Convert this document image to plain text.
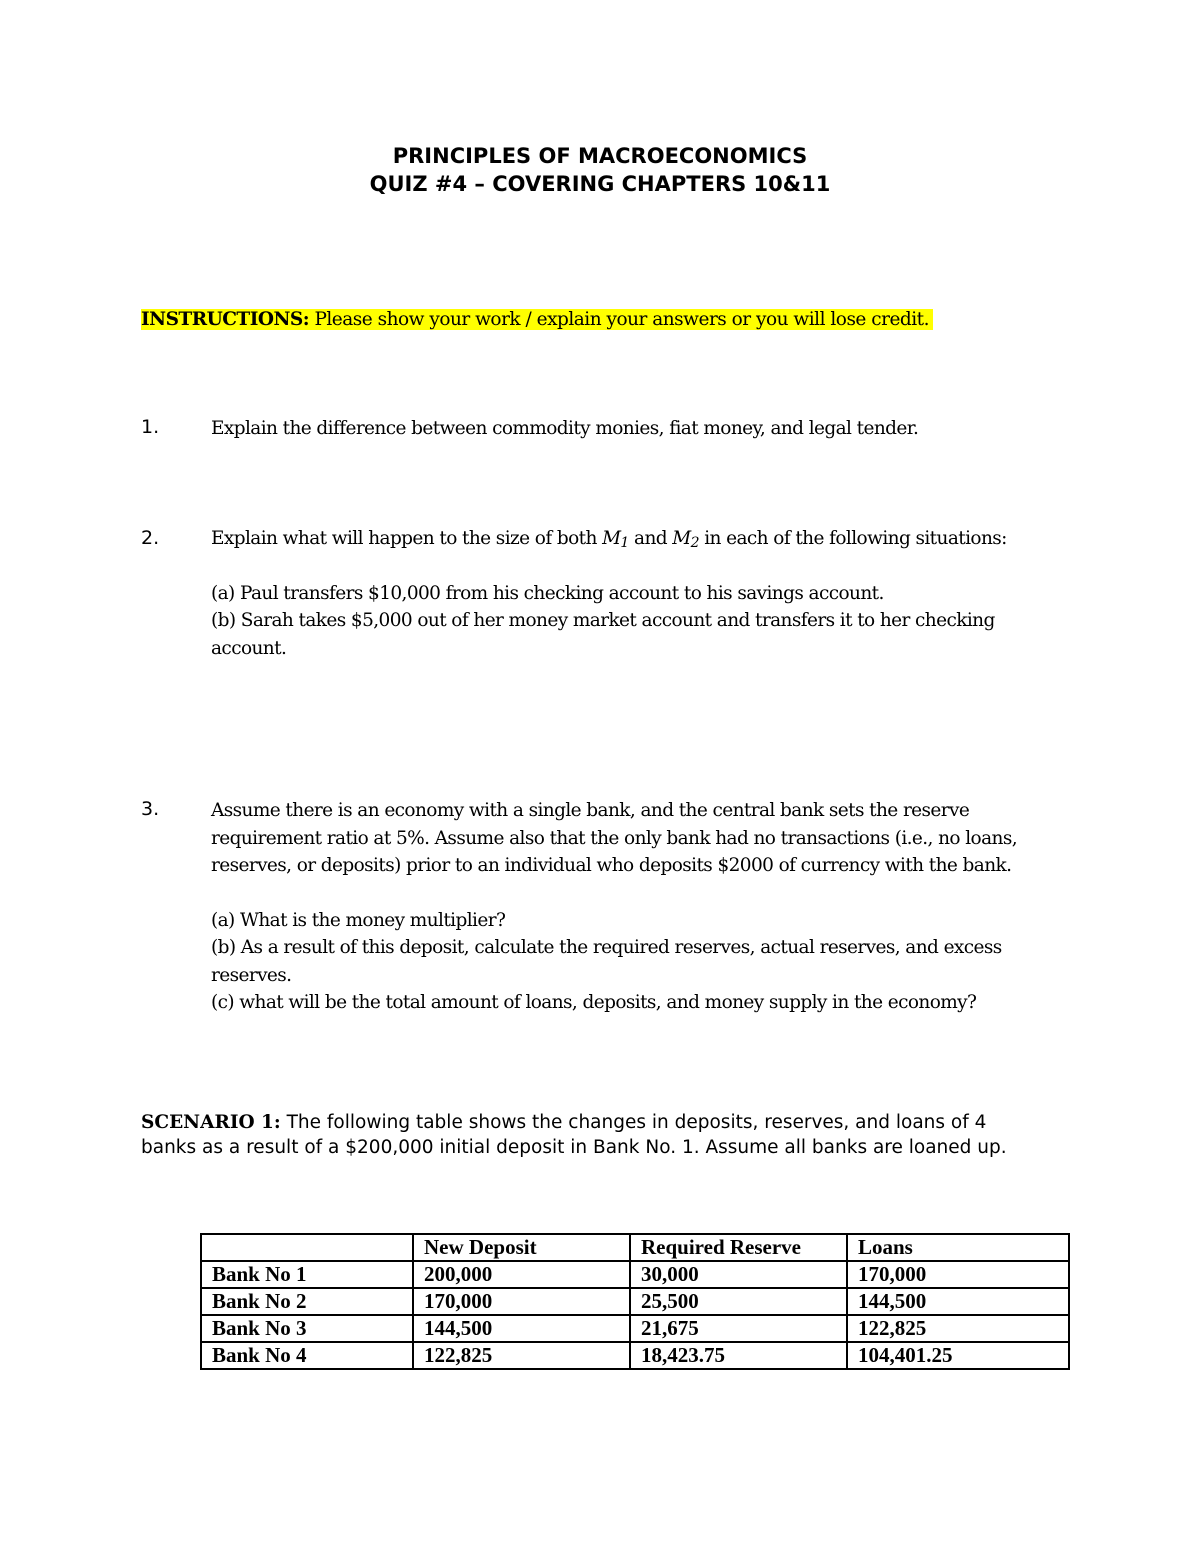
PRINCIPLES OF MACROECONOMICS
QUIZ #4 – COVERING CHAPTERS 10&11
INSTRUCTIONS: Please show your work / explain your answers or you will lose credit.
1.	Explain the difference between commodity monies, fiat money, and legal tender.

2.	Explain what will happen to the size of both $M_1$ and $M_2$ in each of the following situations:

(a) Paul transfers $10,000 from his checking account to his savings account.

(b) Sarah takes $5,000 out of her money market account and transfers it to her checking account.

3.	Assume there is an economy with a single bank, and the central bank sets the reserve requirement ratio at 5%. Assume also that the only bank had no transactions (i.e., no loans, reserves, or deposits) prior to an individual who deposits $2000 of currency with the bank.

(a) What is the money multiplier?

(b) As a result of this deposit, calculate the required reserves, actual reserves, and excess reserves.

(c) what will be the total amount of loans, deposits, and money supply in the economy?

SCENARIO 1: The following table shows the changes in deposits, reserves, and loans of 4 banks as a result of a $200,000 initial deposit in Bank No. 1. Assume all banks are loaned up.
	New Deposit	Required Reserve	Loans
Bank No 1	200,000	30,000	170,000
Bank No 2	170,000	25,500	144,500
Bank No 3	144,500	21,675	122,825
Bank No 4	122,825	18,423.75	104,401.25
